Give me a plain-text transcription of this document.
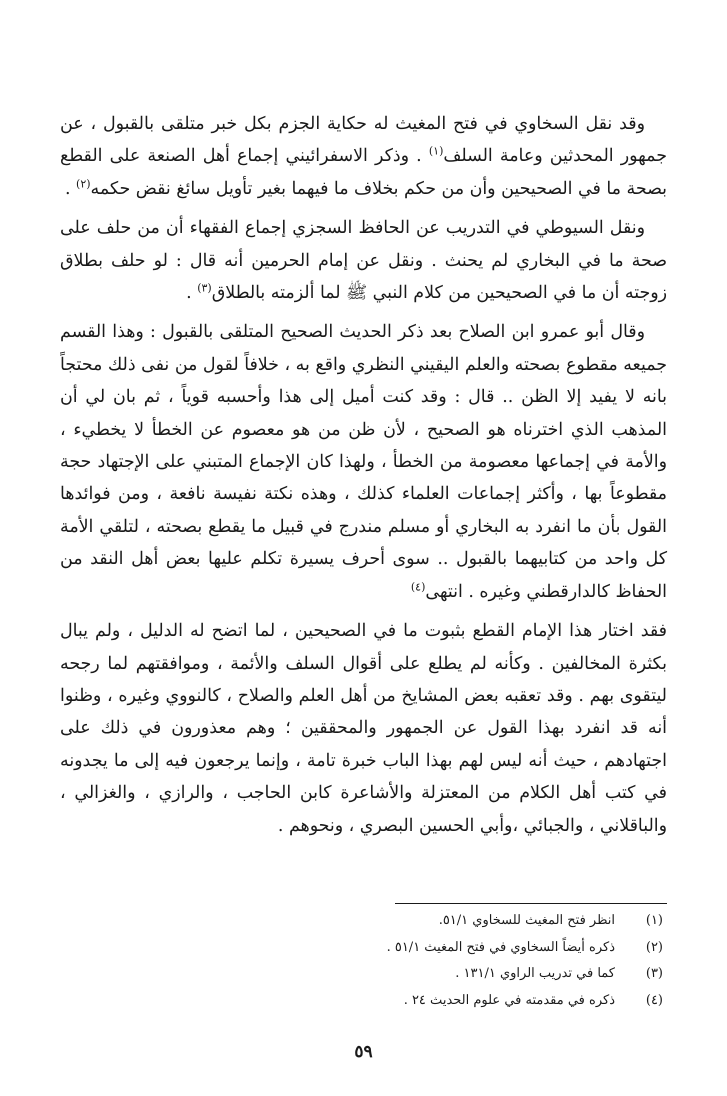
وقد نقل السخاوي في فتح المغيث له حكاية الجزم بكل خبر متلقى بالقبول ، عن جمهور المحدثين وعامة السلف$^{(١)}$ . وذكر الاسفرائيني إجماع أهل الصنعة على القطع بصحة ما في الصحيحين وأن من حكم بخلاف ما فيهما بغير تأويل سائغ نقض حكمه$^{(٢)}$ .

ونقل السيوطي في التدريب عن الحافظ السجزي إجماع الفقهاء أن من حلف على صحة ما في البخاري لم يحنث . ونقل عن إمام الحرمين أنه قال : لو حلف بطلاق زوجته أن ما في الصحيحين من كلام النبي ﷺ لما ألزمته بالطلاق$^{(٣)}$ .

وقال أبو عمرو ابن الصلاح بعد ذكر الحديث الصحيح المتلقى بالقبول : وهذا القسم جميعه مقطوع بصحته والعلم اليقيني النظري واقع به ، خلافاً لقول من نفى ذلك محتجاً بانه لا يفيد إلا الظن .. قال : وقد كنت أميل إلى هذا وأحسبه قوياً ، ثم بان لي أن المذهب الذي اخترناه هو الصحيح ، لأن ظن من هو معصوم عن الخطأ لا يخطيء ، والأمة في إجماعها معصومة من الخطأ ، ولهذا كان الإجماع المتبني على الإجتهاد حجة مقطوعاً بها ، وأكثر إجماعات العلماء كذلك ، وهذه نكتة نفيسة نافعة ، ومن فوائدها القول بأن ما انفرد به البخاري أو مسلم مندرج في قبيل ما يقطع بصحته ، لتلقي الأمة كل واحد من كتابيهما بالقبول .. سوى أحرف يسيرة تكلم عليها بعض أهل النقد من الحفاظ كالدارقطني وغيره . انتهى$^{(٤)}$

فقد اختار هذا الإمام القطع بثبوت ما في الصحيحين ، لما اتضح له الدليل ، ولم يبال بكثرة المخالفين . وكأنه لم يطلع على أقوال السلف والأئمة ، وموافقتهم لما رجحه ليتقوى بهم . وقد تعقبه بعض المشايخ من أهل العلم والصلاح ، كالنووي وغيره ، وظنوا أنه قد انفرد بهذا القول عن الجمهور والمحققين ؛ وهم معذورون في ذلك على اجتهادهم ، حيث أنه ليس لهم بهذا الباب خبرة تامة ، وإنما يرجعون فيه إلى ما يجدونه في كتب أهل الكلام من المعتزلة والأشاعرة كابن الحاجب ، والرازي ، والغزالي ، والباقلاني ، والجبائي ،وأبي الحسين البصري ، ونحوهم .

(١)
انظر فتح المغيث للسخاوي ٥١/١.
(٢)
ذكره أيضاً السخاوي في فتح المغيث ٥١/١ .
(٣)
كما في تدريب الراوي ١٣١/١ .
(٤)
ذكره في مقدمته في علوم الحديث ٢٤ .
٥٩
